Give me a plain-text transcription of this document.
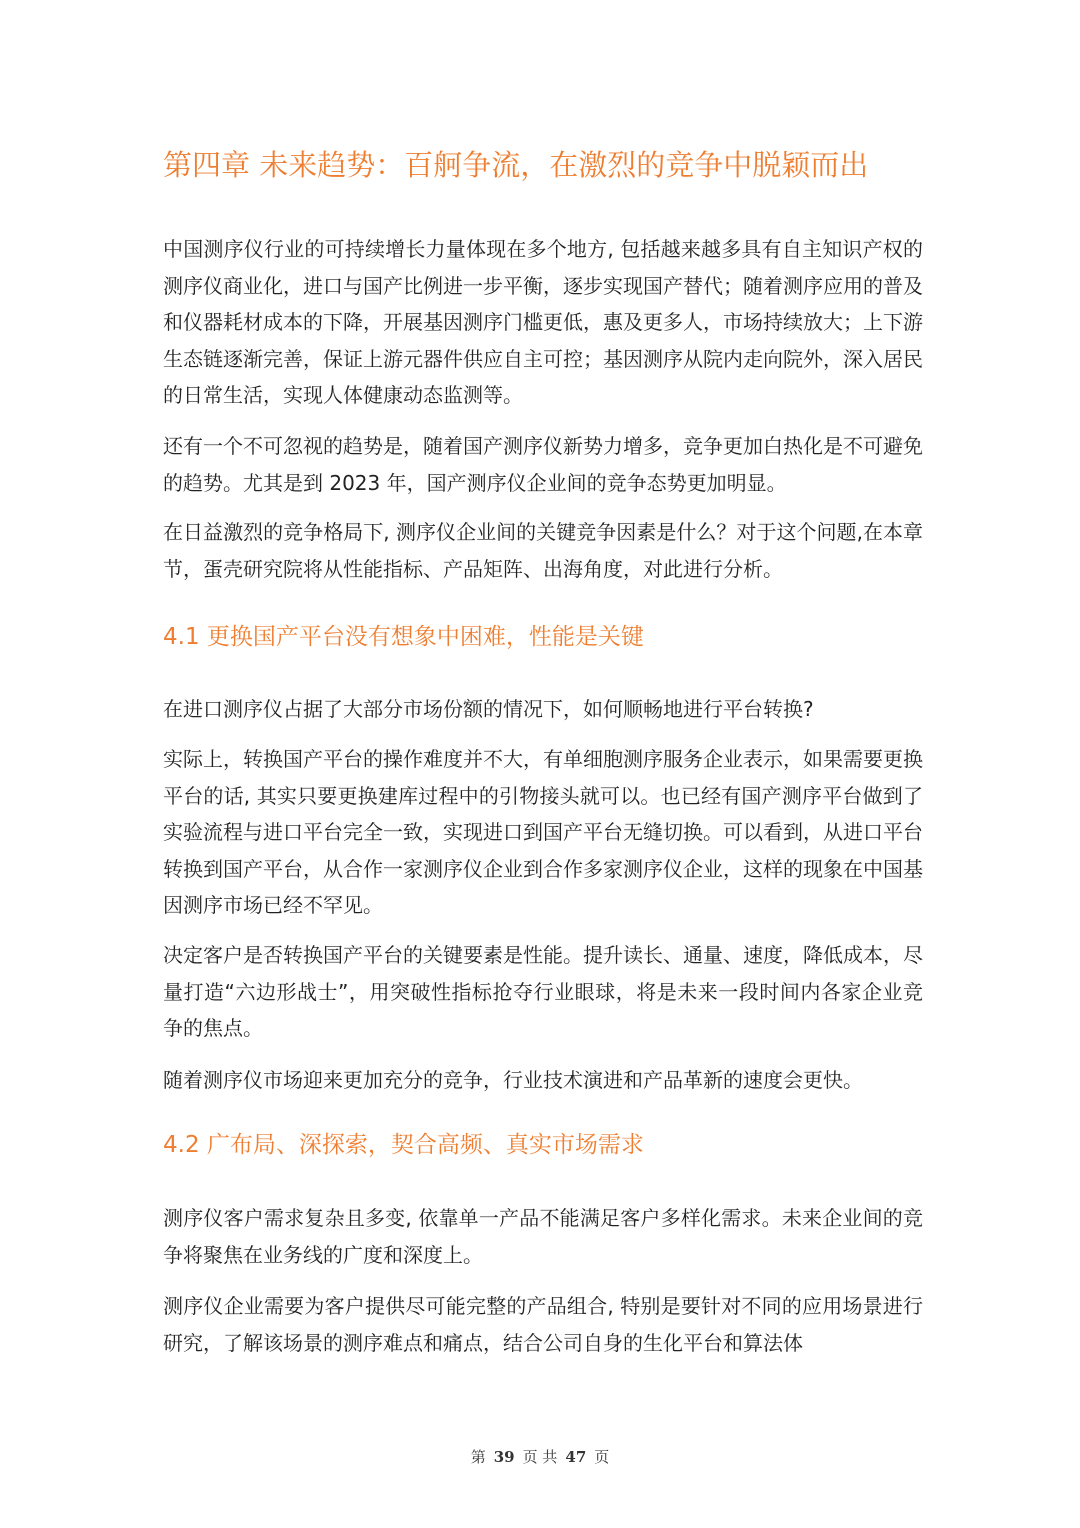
第四章 未来趋势：百舸争流，在激烈的竞争中脱颖而出

中国测序仪行业的可持续增长力量体现在多个地方, 包括越来越多具有自主知识产权的测序仪商业化，进口与国产比例进一步平衡，逐步实现国产替代；随着测序应用的普及和仪器耗材成本的下降，开展基因测序门槛更低，惠及更多人，市场持续放大；上下游生态链逐渐完善，保证上游元器件供应自主可控；基因测序从院内走向院外，深入居民的日常生活，实现人体健康动态监测等。

还有一个不可忽视的趋势是，随着国产测序仪新势力增多，竞争更加白热化是不可避免的趋势。尤其是到 2023 年，国产测序仪企业间的竞争态势更加明显。

在日益激烈的竞争格局下, 测序仪企业间的关键竞争因素是什么？对于这个问题,在本章节，蛋壳研究院将从性能指标、产品矩阵、出海角度，对此进行分析。

4.1 更换国产平台没有想象中困难，性能是关键

在进口测序仪占据了大部分市场份额的情况下，如何顺畅地进行平台转换?

实际上，转换国产平台的操作难度并不大，有单细胞测序服务企业表示，如果需要更换平台的话, 其实只要更换建库过程中的引物接头就可以。也已经有国产测序平台做到了实验流程与进口平台完全一致，实现进口到国产平台无缝切换。可以看到，从进口平台转换到国产平台，从合作一家测序仪企业到合作多家测序仪企业，这样的现象在中国基因测序市场已经不罕见。

决定客户是否转换国产平台的关键要素是性能。提升读长、通量、速度，降低成本，尽量打造“六边形战士”，用突破性指标抢夺行业眼球，将是未来一段时间内各家企业竞争的焦点。

随着测序仪市场迎来更加充分的竞争，行业技术演进和产品革新的速度会更快。

4.2 广布局、深探索，契合高频、真实市场需求

测序仪客户需求复杂且多变, 依靠单一产品不能满足客户多样化需求。未来企业间的竞争将聚焦在业务线的广度和深度上。

测序仪企业需要为客户提供尽可能完整的产品组合, 特别是要针对不同的应用场景进行研究，了解该场景的测序难点和痛点，结合公司自身的生化平台和算法体

第 39 页 共 47 页
